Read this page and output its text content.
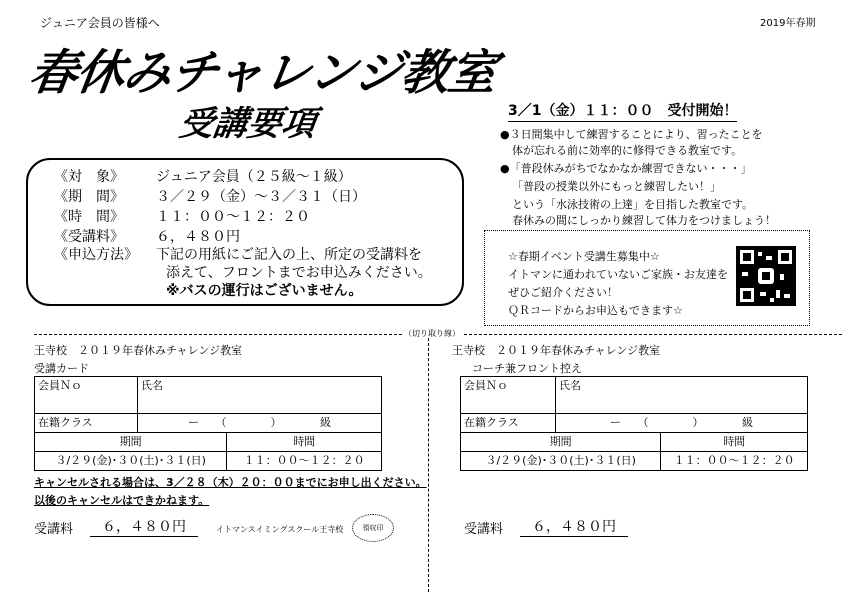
ジュニア会員の皆様へ	2019年春期
春休みチャレンジ教室
受講要項
《対　象》 ジュニア会員（２５級～１級）
《期　間》 ３／２９（金）～３／３１（日）
《時　間》 １１：００～１２：２０
《受講料》 ６，４８０円
《申込方法》 下記の用紙にご記入の上、所定の受講料を
添えて、フロントまでお申込みください。
※バスの運行はございません。
3／1（金）１１：００　受付開始！
●３日間集中して練習することにより、習ったことを
体が忘れる前に効率的に修得できる教室です。
●「普段休みがちでなかなか練習できない・・・」
「普段の授業以外にもっと練習したい！」
という「水泳技術の上達」を目指した教室です。
春休みの間にしっかり練習して体力をつけましょう！
☆春期イベント受講生募集中☆
イトマンに通われていないご家族・お友達を
ぜひご紹介ください！
ＱＲコードからお申込もできます☆
（切り取り線）
王寺校　２０１９年春休みチャレンジ教室
受講カード
会員Ｎｏ	氏名	
在籍クラス	ー　　（　　　　）　　　　級	
期間		時間
３/２９(金)･３０(土)･３１(日)		１１：００～１２：２０
キャンセルされる場合は、3／２８（木）２０：００までにお申し出ください。
以後のキャンセルはできかねます。
受講料	６，４８０円	イトマンスイミングスクール王寺校	領収印
王寺校　２０１９年春休みチャレンジ教室
コーチ兼フロント控え
会員Ｎｏ	氏名	
在籍クラス	ー　　（　　　　）　　　　級	
期間		時間
３/２９(金)･３０(土)･３１(日)		１１：００～１２：２０
受講料	６，４８０円
